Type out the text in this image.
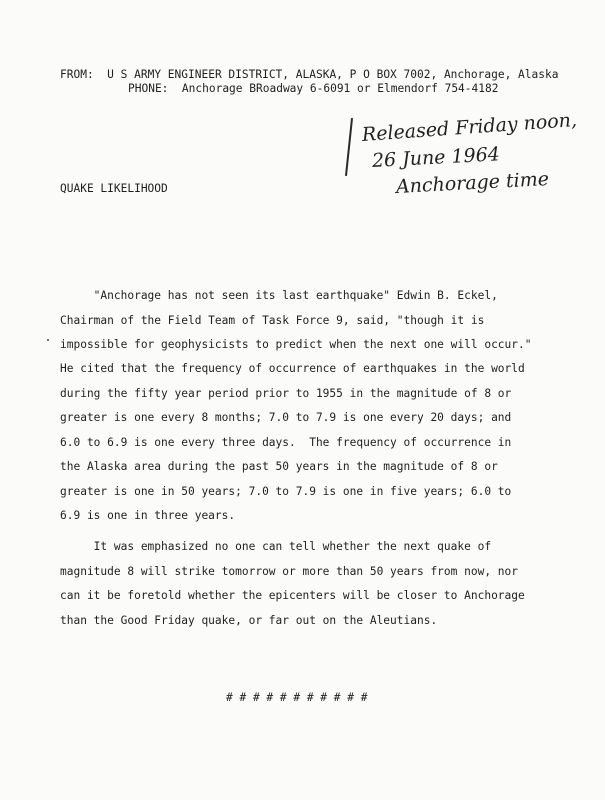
FROM: U S ARMY ENGINEER DISTRICT, ALASKA, P O BOX 7002, Anchorage, Alaska
PHONE: Anchorage BRoadway 6-6091 or Elmendorf 754-4182
Released Friday noon,
26 June 1964
Anchorage time
QUAKE LIKELIHOOD
"Anchorage has not seen its last earthquake" Edwin B. Eckel,
Chairman of the Field Team of Task Force 9, said, "though it is
impossible for geophysicists to predict when the next one will occur."
He cited that the frequency of occurrence of earthquakes in the world
during the fifty year period prior to 1955 in the magnitude of 8 or
greater is one every 8 months; 7.0 to 7.9 is one every 20 days; and
6.0 to 6.9 is one every three days.  The frequency of occurrence in
the Alaska area during the past 50 years in the magnitude of 8 or
greater is one in 50 years; 7.0 to 7.9 is one in five years; 6.0 to
6.9 is one in three years.
It was emphasized no one can tell whether the next quake of
magnitude 8 will strike tomorrow or more than 50 years from now, nor
can it be foretold whether the epicenters will be closer to Anchorage
than the Good Friday quake, or far out on the Aleutians.
# # # # # # # # # # #
